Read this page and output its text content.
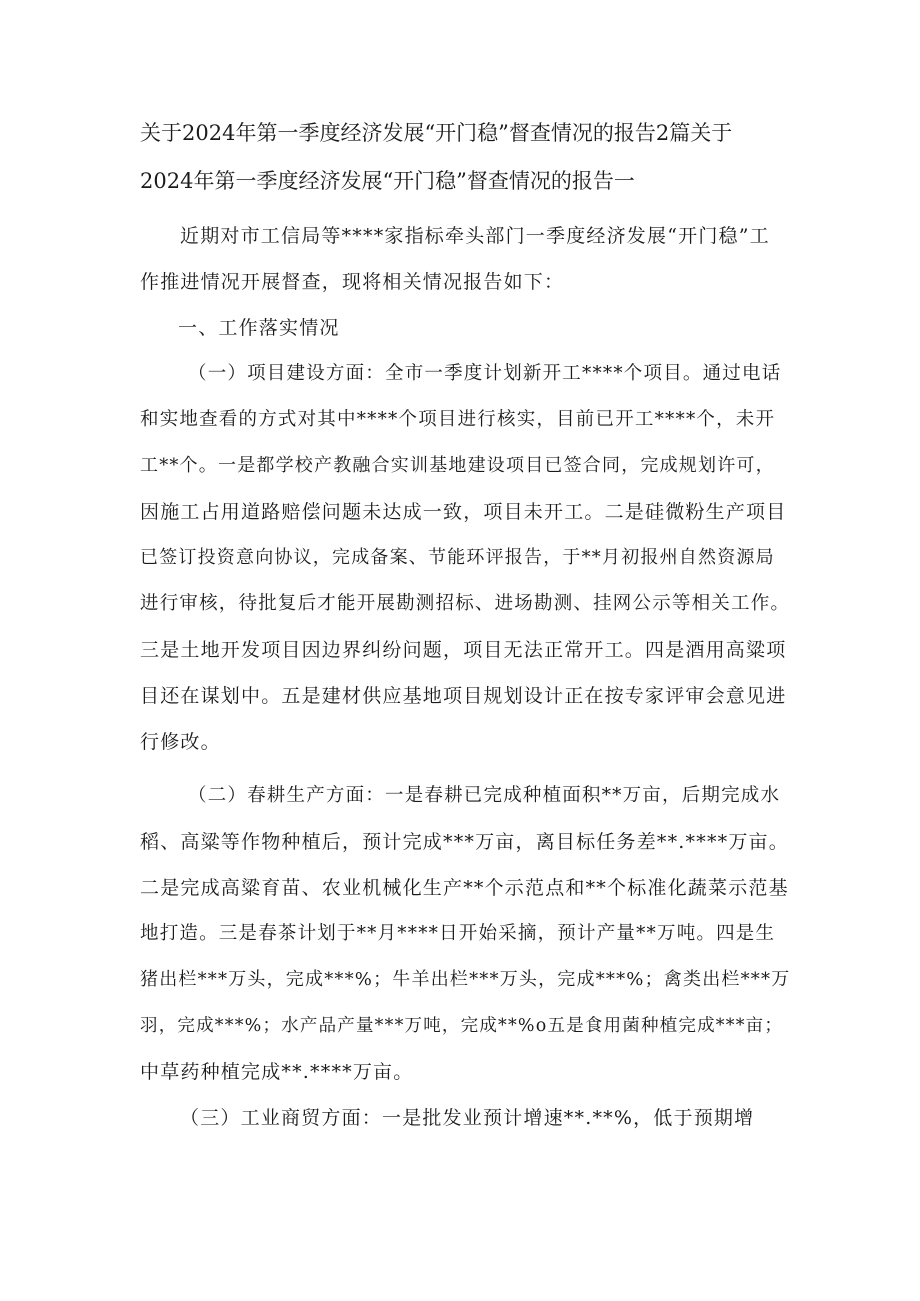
关于2024年第一季度经济发展“开门稳”督查情况的报告2篇关于
2024年第一季度经济发展“开门稳”督查情况的报告一
近期对市工信局等****家指标牵头部门一季度经济发展“开门稳”工
作推进情况开展督查，现将相关情况报告如下：
一、工作落实情况
（一）项目建设方面：全市一季度计划新开工****个项目。通过电话
和实地查看的方式对其中****个项目进行核实，目前已开工****个，未开
工**个。一是都学校产教融合实训基地建设项目已签合同，完成规划许可，
因施工占用道路赔偿问题未达成一致，项目未开工。二是硅微粉生产项目
已签订投资意向协议，完成备案、节能环评报告，于**月初报州自然资源局
进行审核，待批复后才能开展勘测招标、进场勘测、挂网公示等相关工作。
三是土地开发项目因边界纠纷问题，项目无法正常开工。四是酒用高粱项
目还在谋划中。五是建材供应基地项目规划设计正在按专家评审会意见进
行修改。
（二）春耕生产方面：一是春耕已完成种植面积**万亩，后期完成水
稻、高粱等作物种植后，预计完成***万亩，离目标任务差**.****万亩。
二是完成高粱育苗、农业机械化生产**个示范点和**个标准化蔬菜示范基
地打造。三是春茶计划于**月****日开始采摘，预计产量**万吨。四是生
猪出栏***万头，完成***%；牛羊出栏***万头，完成***%；禽类出栏***万
羽，完成***%；水产品产量***万吨，完成**%o五是食用菌种植完成***亩；
中草药种植完成**.****万亩。
（三）工业商贸方面：一是批发业预计增速**.**%，低于预期增
